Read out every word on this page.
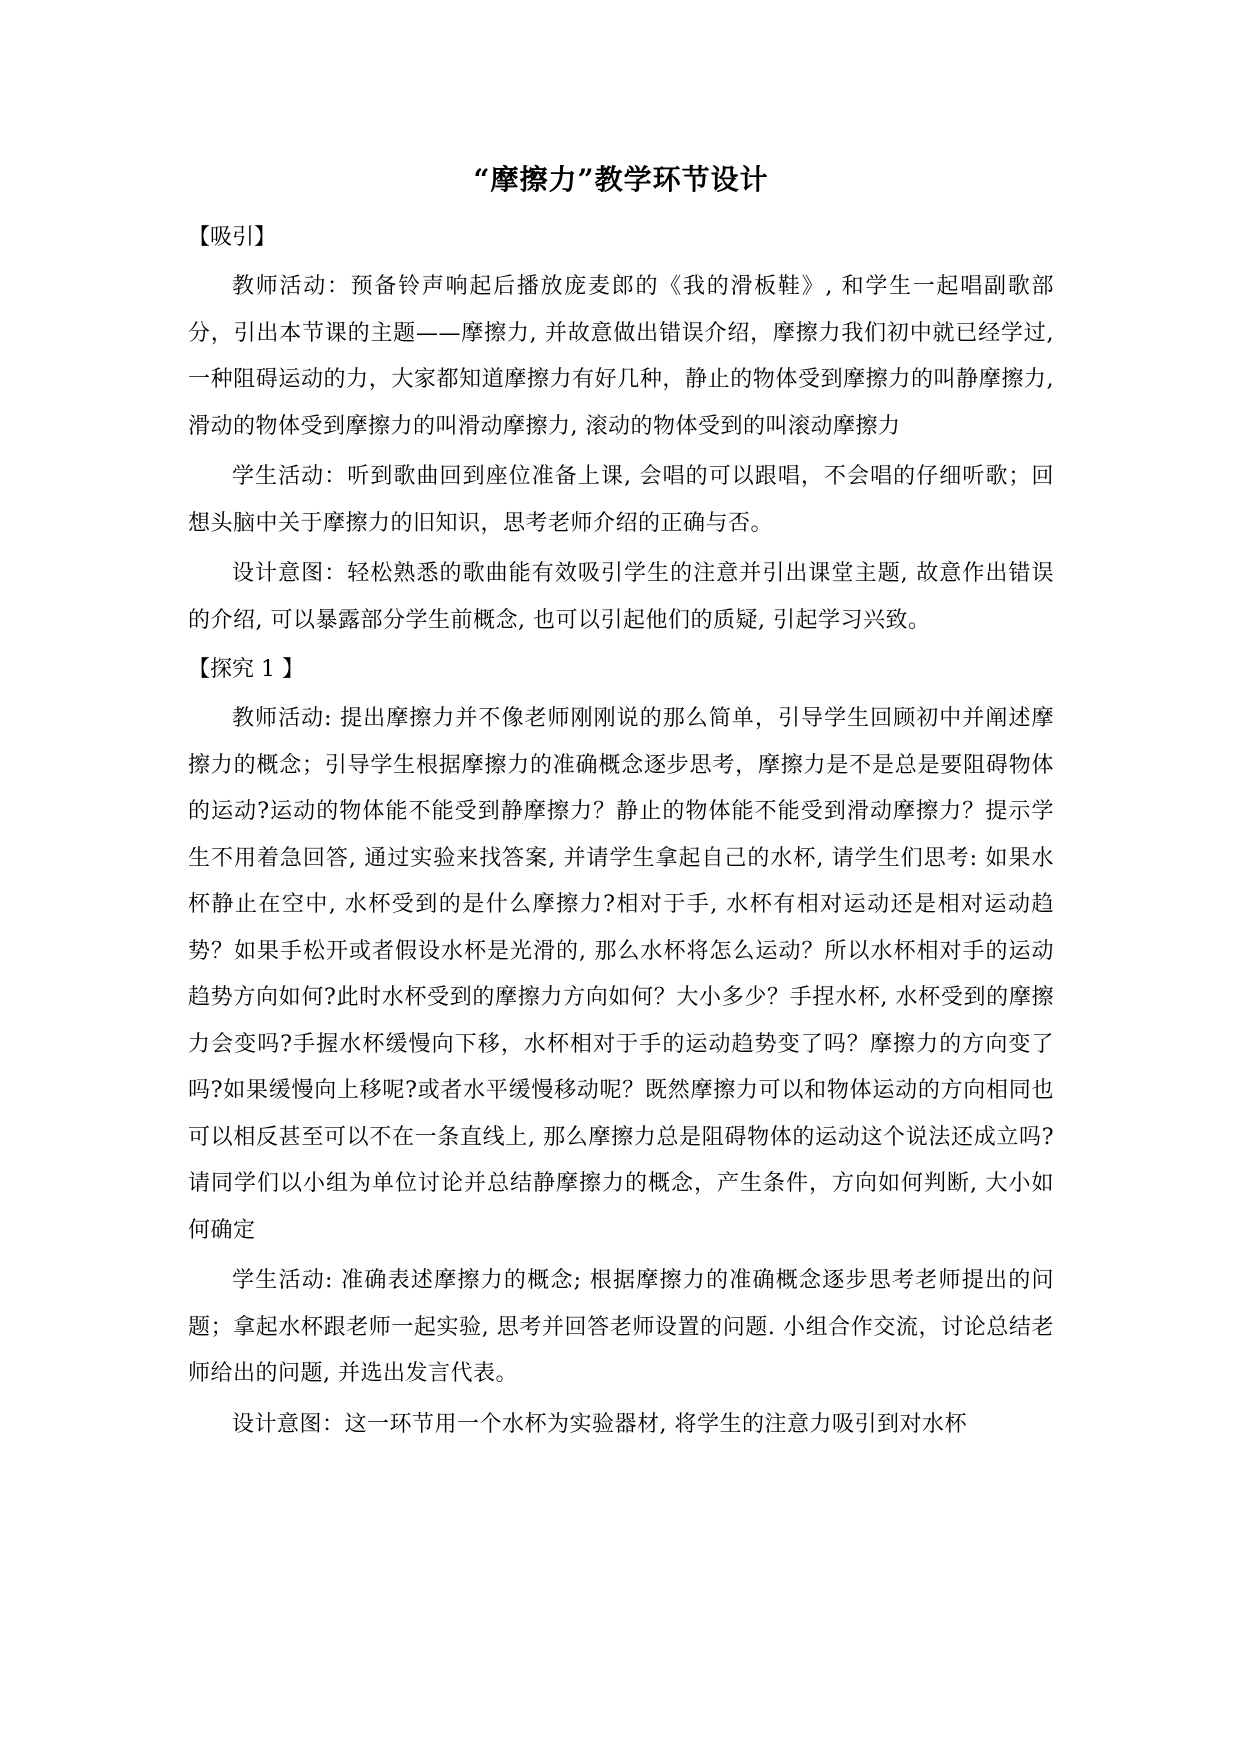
“摩擦力”教学环节设计
【吸引】

教师活动：预备铃声响起后播放庞麦郎的《我的滑板鞋》, 和学生一起唱副歌部分，引出本节课的主题——摩擦力, 并故意做出错误介绍，摩擦力我们初中就已经学过, 一种阻碍运动的力，大家都知道摩擦力有好几种，静止的物体受到摩擦力的叫静摩擦力, 滑动的物体受到摩擦力的叫滑动摩擦力, 滚动的物体受到的叫滚动摩擦力

学生活动：听到歌曲回到座位准备上课, 会唱的可以跟唱，不会唱的仔细听歌；回想头脑中关于摩擦力的旧知识，思考老师介绍的正确与否。

设计意图：轻松熟悉的歌曲能有效吸引学生的注意并引出课堂主题, 故意作出错误的介绍, 可以暴露部分学生前概念, 也可以引起他们的质疑, 引起学习兴致。

【探究 1 】

教师活动: 提出摩擦力并不像老师刚刚说的那么简单，引导学生回顾初中并阐述摩擦力的概念；引导学生根据摩擦力的准确概念逐步思考，摩擦力是不是总是要阻碍物体的运动?运动的物体能不能受到静摩擦力？静止的物体能不能受到滑动摩擦力？提示学生不用着急回答, 通过实验来找答案, 并请学生拿起自己的水杯, 请学生们思考: 如果水杯静止在空中, 水杯受到的是什么摩擦力?相对于手, 水杯有相对运动还是相对运动趋势？如果手松开或者假设水杯是光滑的, 那么水杯将怎么运动？所以水杯相对手的运动趋势方向如何?此时水杯受到的摩擦力方向如何？大小多少？手捏水杯, 水杯受到的摩擦力会变吗?手握水杯缓慢向下移，水杯相对于手的运动趋势变了吗？摩擦力的方向变了吗?如果缓慢向上移呢?或者水平缓慢移动呢？既然摩擦力可以和物体运动的方向相同也可以相反甚至可以不在一条直线上, 那么摩擦力总是阻碍物体的运动这个说法还成立吗?请同学们以小组为单位讨论并总结静摩擦力的概念，产生条件，方向如何判断, 大小如何确定

学生活动: 准确表述摩擦力的概念; 根据摩擦力的准确概念逐步思考老师提出的问题；拿起水杯跟老师一起实验, 思考并回答老师设置的问题. 小组合作交流，讨论总结老师给出的问题, 并选出发言代表。

设计意图：这一环节用一个水杯为实验器材, 将学生的注意力吸引到对水杯
